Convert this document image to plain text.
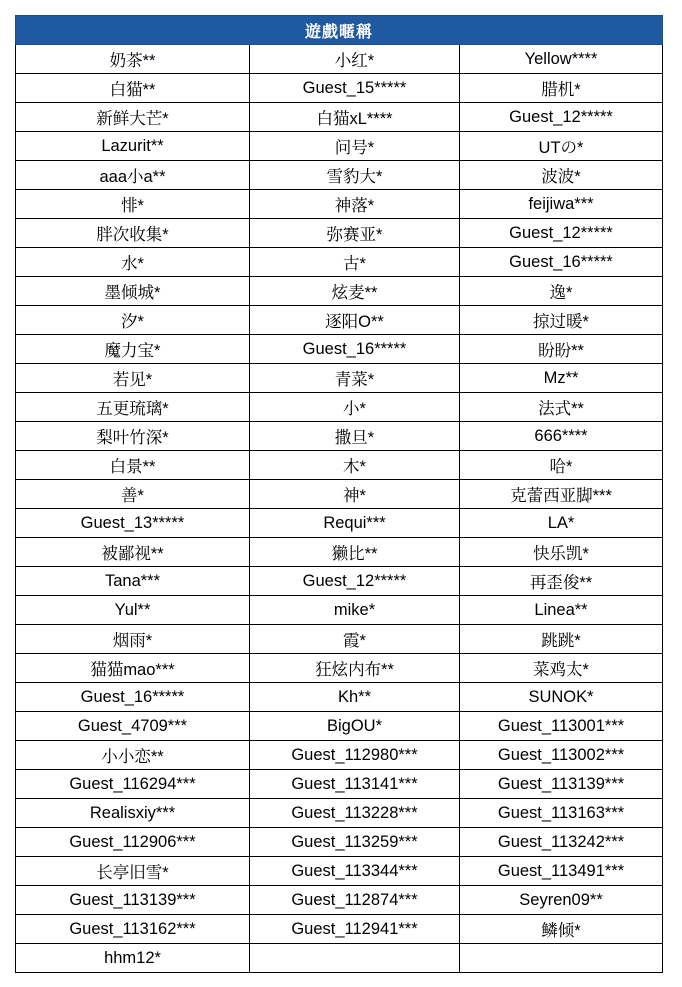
遊戲暱稱		
奶茶**	小红*	Yellow****
白猫**	Guest_15*****	腊机*
新鲜大芒*	白猫xL****	Guest_12*****
Lazurit**	问号*	UTの*
aaa小a**	雪豹大*	波波*
悱*	神落*	feijiwa***
胖次收集*	弥赛亚*	Guest_12*****
水*	古*	Guest_16*****
墨倾城*	炫麦**	逸*
汐*	逐阳O**	掠过暖*
魔力宝*	Guest_16*****	盼盼**
若见*	青菜*	Mz**
五更琉璃*	小*	法式**
梨叶竹深*	撒旦*	666****
白景**	木*	哈*
善*	神*	克蕾西亚脚***
Guest_13*****	Requi***	LA*
被鄙视**	獭比**	快乐凯*
Tana***	Guest_12*****	再歪俊**
Yul**	mike*	Linea**
烟雨*	霞*	跳跳*
猫猫mao***	狂炫内布**	菜鸡太*
Guest_16*****	Kh**	SUNOK*
Guest_4709***	BigOU*	Guest_113001***
小小恋**	Guest_112980***	Guest_113002***
Guest_116294***	Guest_113141***	Guest_113139***
Realisxiy***	Guest_113228***	Guest_113163***
Guest_112906***	Guest_113259***	Guest_113242***
长亭旧雪*	Guest_113344***	Guest_113491***
Guest_113139***	Guest_112874***	Seyren09**
Guest_113162***	Guest_112941***	鳞倾*
hhm12*		
